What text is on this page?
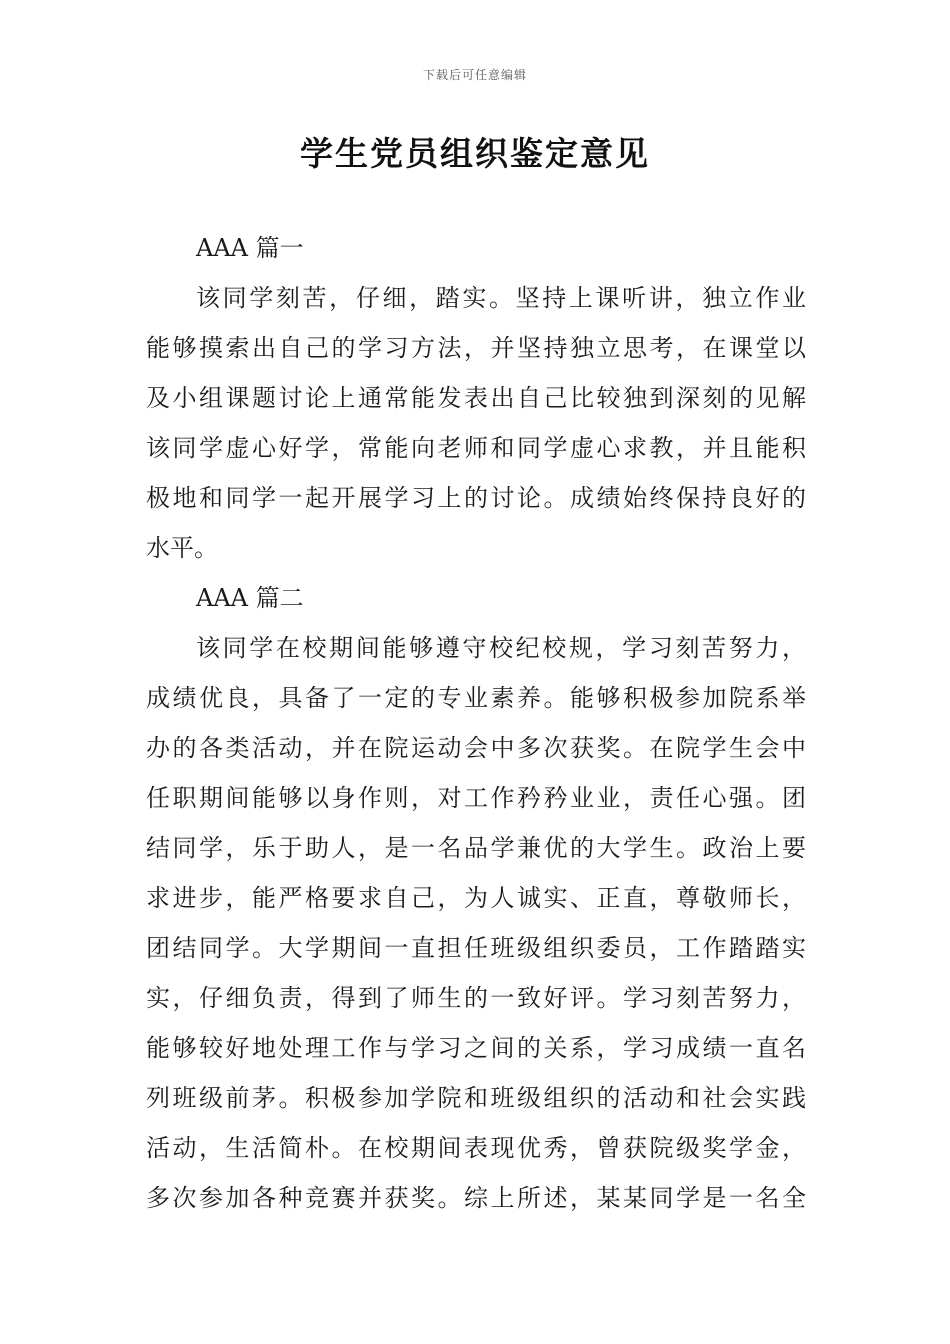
下载后可任意编辑
学生党员组织鉴定意见
AAA 篇一
该同学刻苦，仔细，踏实。坚持上课听讲，独立作业
能够摸索出自己的学习方法，并坚持独立思考，在课堂以
及小组课题讨论上通常能发表出自己比较独到深刻的见解
该同学虚心好学，常能向老师和同学虚心求教，并且能积
极地和同学一起开展学习上的讨论。成绩始终保持良好的
水平。
AAA 篇二
该同学在校期间能够遵守校纪校规，学习刻苦努力，
成绩优良，具备了一定的专业素养。能够积极参加院系举
办的各类活动，并在院运动会中多次获奖。在院学生会中
任职期间能够以身作则，对工作矜矜业业，责任心强。团
结同学，乐于助人，是一名品学兼优的大学生。政治上要
求进步，能严格要求自己，为人诚实、正直，尊敬师长，
团结同学。大学期间一直担任班级组织委员，工作踏踏实
实，仔细负责，得到了师生的一致好评。学习刻苦努力，
能够较好地处理工作与学习之间的关系，学习成绩一直名
列班级前茅。积极参加学院和班级组织的活动和社会实践
活动，生活简朴。在校期间表现优秀，曾获院级奖学金，
多次参加各种竞赛并获奖。综上所述，某某同学是一名全
